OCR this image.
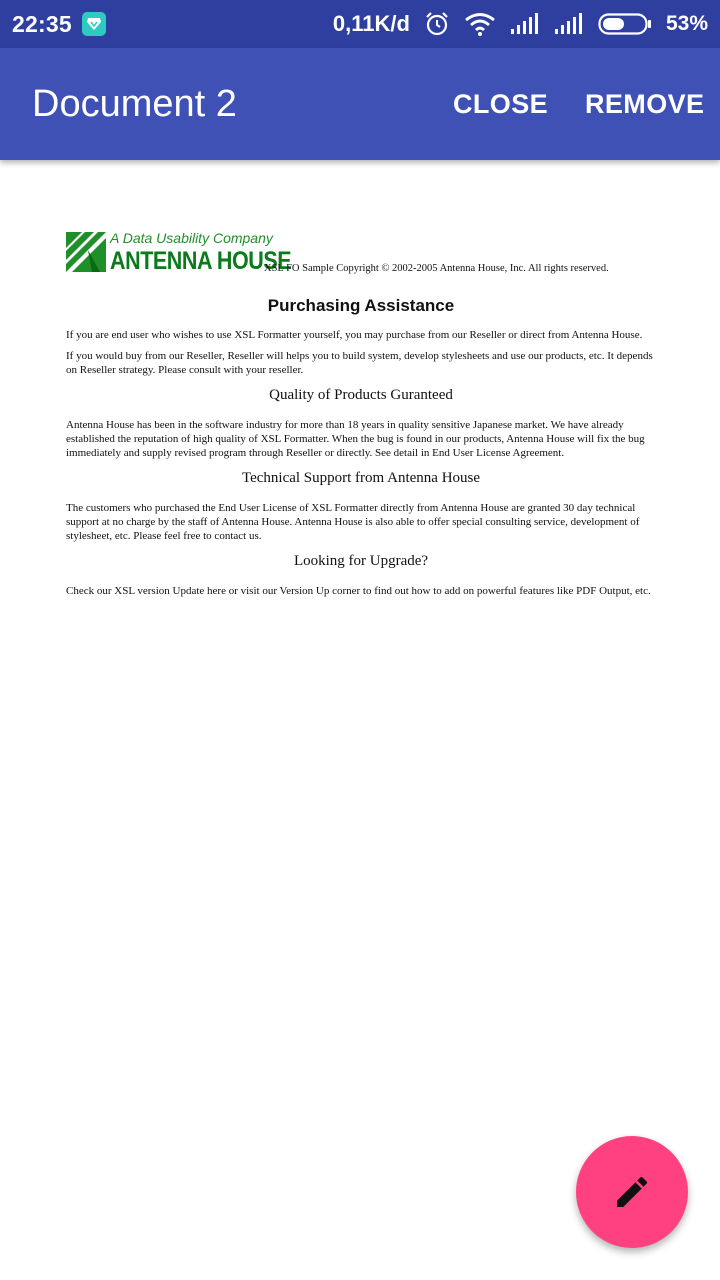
22:35	0,11K/d	53%
Document 2	CLOSE REMOVE
A Data Usability Company
ANTENNA HOUSE
XSL FO Sample Copyright © 2002-2005 Antenna House, Inc. All rights reserved.
Purchasing Assistance

If you are end user who wishes to use XSL Formatter yourself, you may purchase from our Reseller or direct from Antenna House.

If you would buy from our Reseller, Reseller will helps you to build system, develop stylesheets and use our products, etc. It depends on Reseller strategy. Please consult with your reseller.

Quality of Products Guranteed

Antenna House has been in the software industry for more than 18 years in quality sensitive Japanese market. We have already established the reputation of high quality of XSL Formatter. When the bug is found in our products, Antenna House will fix the bug immediately and supply revised program through Reseller or directly. See detail in End User License Agreement.

Technical Support from Antenna House

The customers who purchased the End User License of XSL Formatter directly from Antenna House are granted 30 day technical support at no charge by the staff of Antenna House. Antenna House is also able to offer special consulting service, development of stylesheet, etc. Please feel free to contact us.

Looking for Upgrade?

Check our XSL version Update here or visit our Version Up corner to find out how to add on powerful features like PDF Output, etc.
